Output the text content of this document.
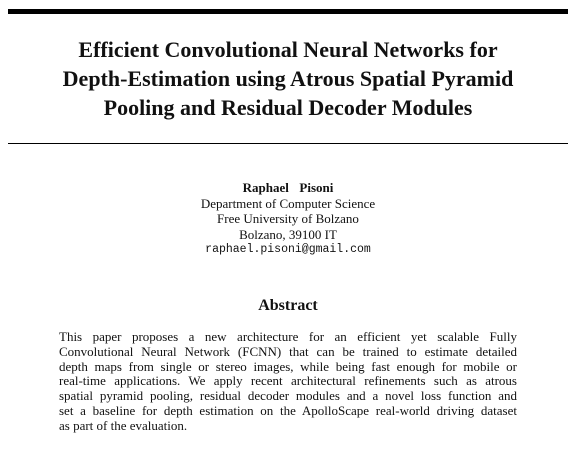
Efficient Convolutional Neural Networks for
Depth-Estimation using Atrous Spatial Pyramid
Pooling and Residual Decoder Modules
Raphael  Pisoni
Department of Computer Science
Free University of Bolzano
Bolzano, 39100 IT
raphael.pisoni@gmail.com
Abstract
This paper proposes a new architecture for an efficient yet scalable Fully
Convolutional Neural Network (FCNN) that can be trained to estimate detailed
depth maps from single or stereo images, while being fast enough for mobile or
real-time applications. We apply recent architectural refinements such as atrous
spatial pyramid pooling, residual decoder modules and a novel loss function and
set a baseline for depth estimation on the ApolloScape real-world driving dataset
as part of the evaluation.
